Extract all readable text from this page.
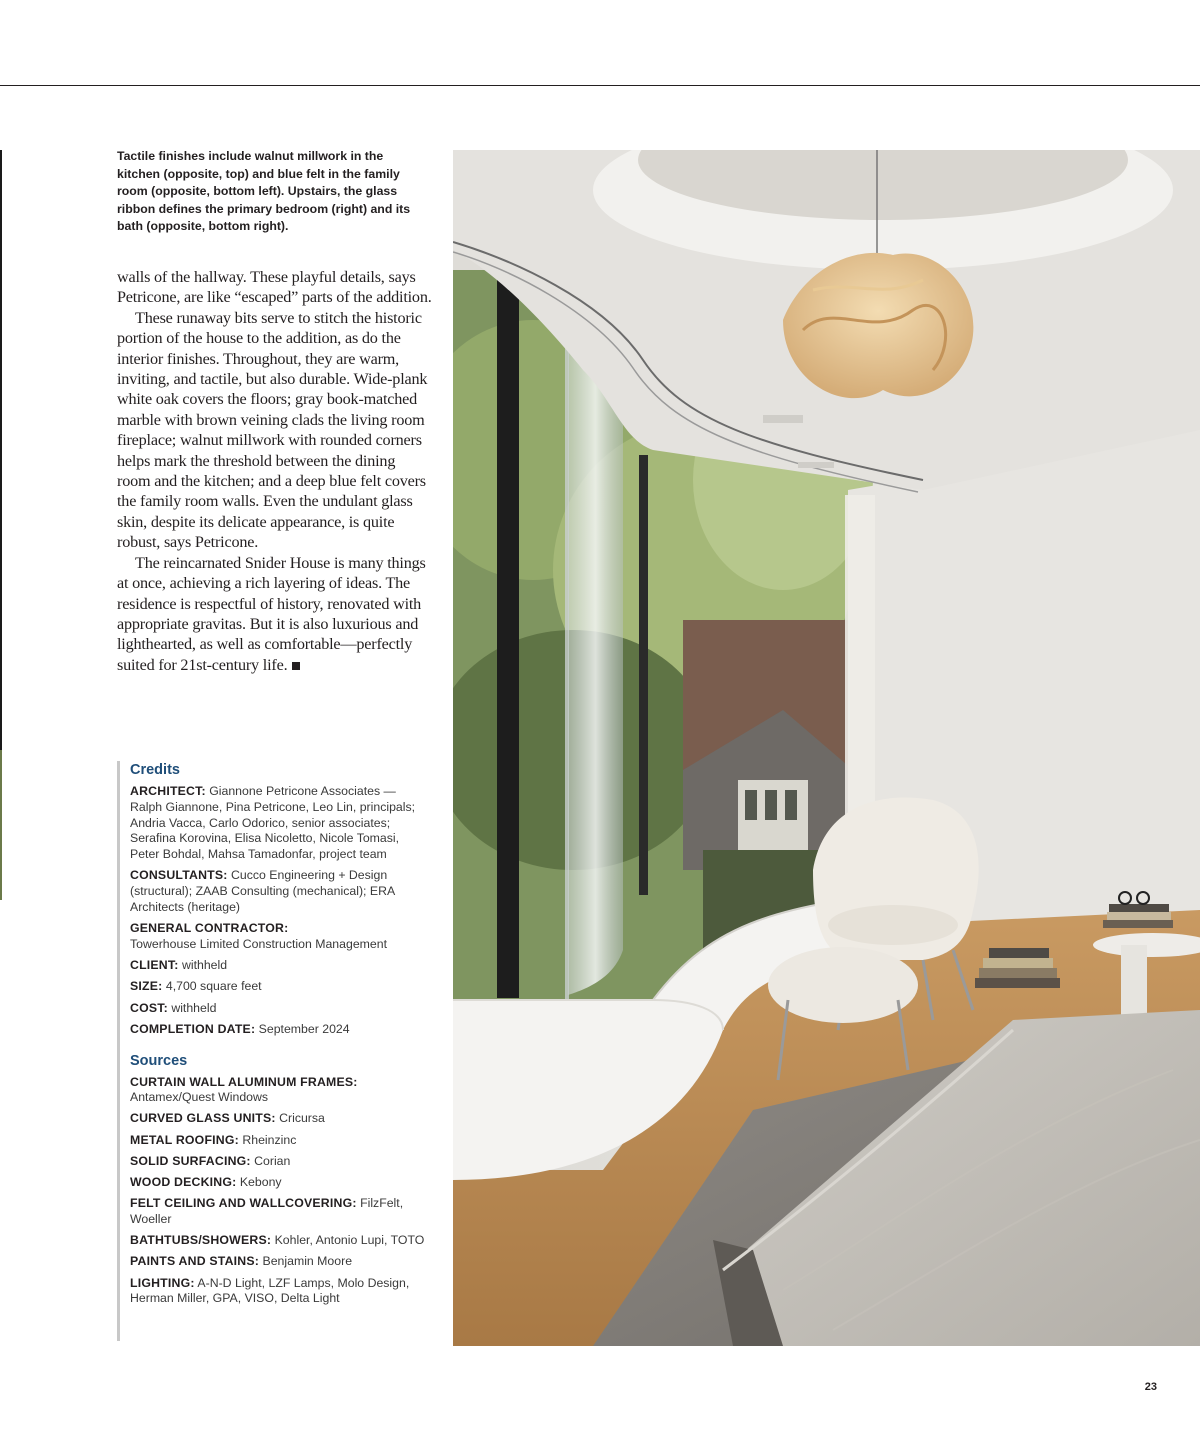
Tactile finishes include walnut millwork in the kitchen (opposite, top) and blue felt in the family room (opposite, bottom left). Upstairs, the glass ribbon defines the primary bedroom (right) and its bath (opposite, bottom right).

walls of the hallway. These playful details, says Petricone, are like “escaped” parts of the addition.

These runaway bits serve to stitch the historic portion of the house to the addition, as do the interior finishes. Throughout, they are warm, inviting, and tactile, but also durable. Wide-plank white oak covers the floors; gray book-matched marble with brown veining clads the living room fireplace; walnut millwork with rounded corners helps mark the threshold between the dining room and the kitchen; and a deep blue felt covers the family room walls. Even the undulant glass skin, despite its delicate appearance, is quite robust, says Petricone.

The reincarnated Snider House is many things at once, achieving a rich layering of ideas. The residence is respectful of history, renovated with appropriate gravitas. But it is also luxurious and lighthearted, as well as comfortable—perfectly suited for 21st-century life.

Credits
ARCHITECT: Giannone Petricone Associates — Ralph Giannone, Pina Petricone, Leo Lin, principals; Andria Vacca, Carlo Odorico, senior associates; Serafina Korovina, Elisa Nicoletto, Nicole Tomasi, Peter Bohdal, Mahsa Tamadonfar, project team
CONSULTANTS: Cucco Engineering + Design (structural); ZAAB Consulting (mechanical); ERA Architects (heritage)
GENERAL CONTRACTOR:
Towerhouse Limited Construction Management
CLIENT: withheld
SIZE: 4,700 square feet
COST: withheld
COMPLETION DATE: September 2024
Sources
CURTAIN WALL ALUMINUM FRAMES:
Antamex/Quest Windows
CURVED GLASS UNITS: Cricursa
METAL ROOFING: Rheinzinc
SOLID SURFACING: Corian
WOOD DECKING: Kebony
FELT CEILING AND WALLCOVERING: FilzFelt, Woeller
BATHTUBS/SHOWERS: Kohler, Antonio Lupi, TOTO
PAINTS AND STAINS: Benjamin Moore
LIGHTING: A-N-D Light, LZF Lamps, Molo Design, Herman Miller, GPA, VISO, Delta Light
23
